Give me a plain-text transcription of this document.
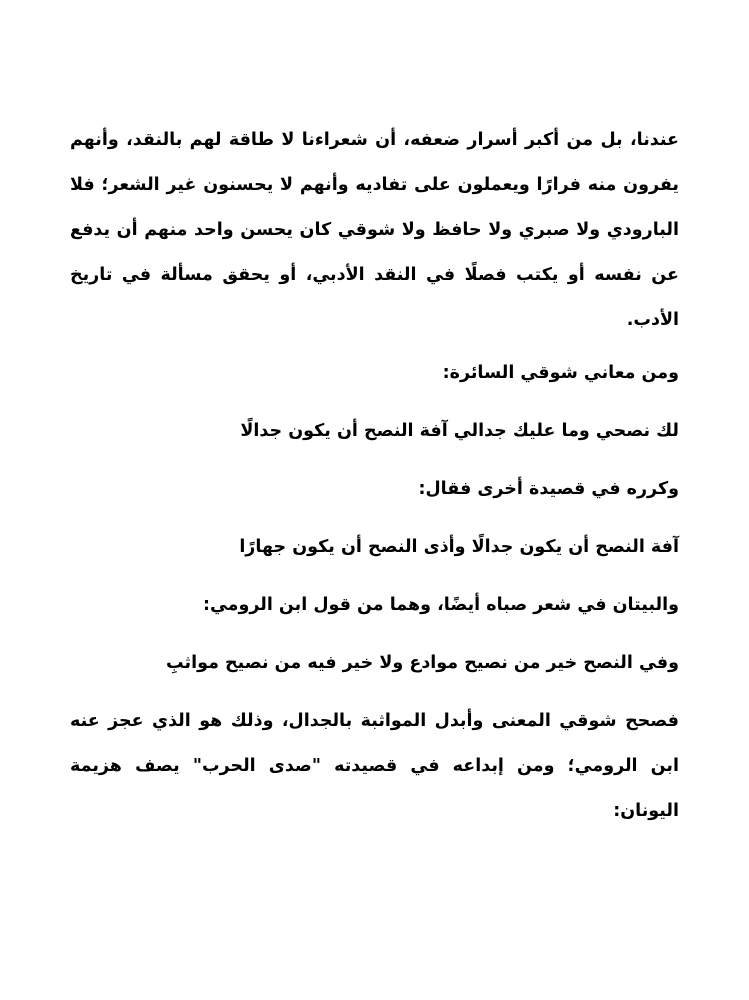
عندنا، بل من أكبر أسرار ضعفه، أن شعراءنا لا طاقة لهم بالنقد، وأنهم يفرون منه فرارًا ويعملون على تفاديه وأنهم لا يحسنون غير الشعر؛ فلا البارودي ولا صبري ولا حافظ ولا شوقي كان يحسن واحد منهم أن يدفع عن نفسه أو يكتب فصلًا في النقد الأدبي، أو يحقق مسألة في تاريخ الأدب.

ومن معاني شوقي السائرة:

لك نصحي وما عليك جدالي آفة النصح أن يكون جدالًا

وكرره في قصيدة أخرى فقال:

آفة النصح أن يكون جدالًا وأذى النصح أن يكون جهارًا

والبيتان في شعر صباه أيضًا، وهما من قول ابن الرومي:

وفي النصح خير من نصيح موادع ولا خير فيه من نصيح مواثبِ

فصحح شوقي المعنى وأبدل المواثبة بالجدال، وذلك هو الذي عجز عنه ابن الرومي؛ ومن إبداعه في قصيدته "صدى الحرب" يصف هزيمة اليونان:
